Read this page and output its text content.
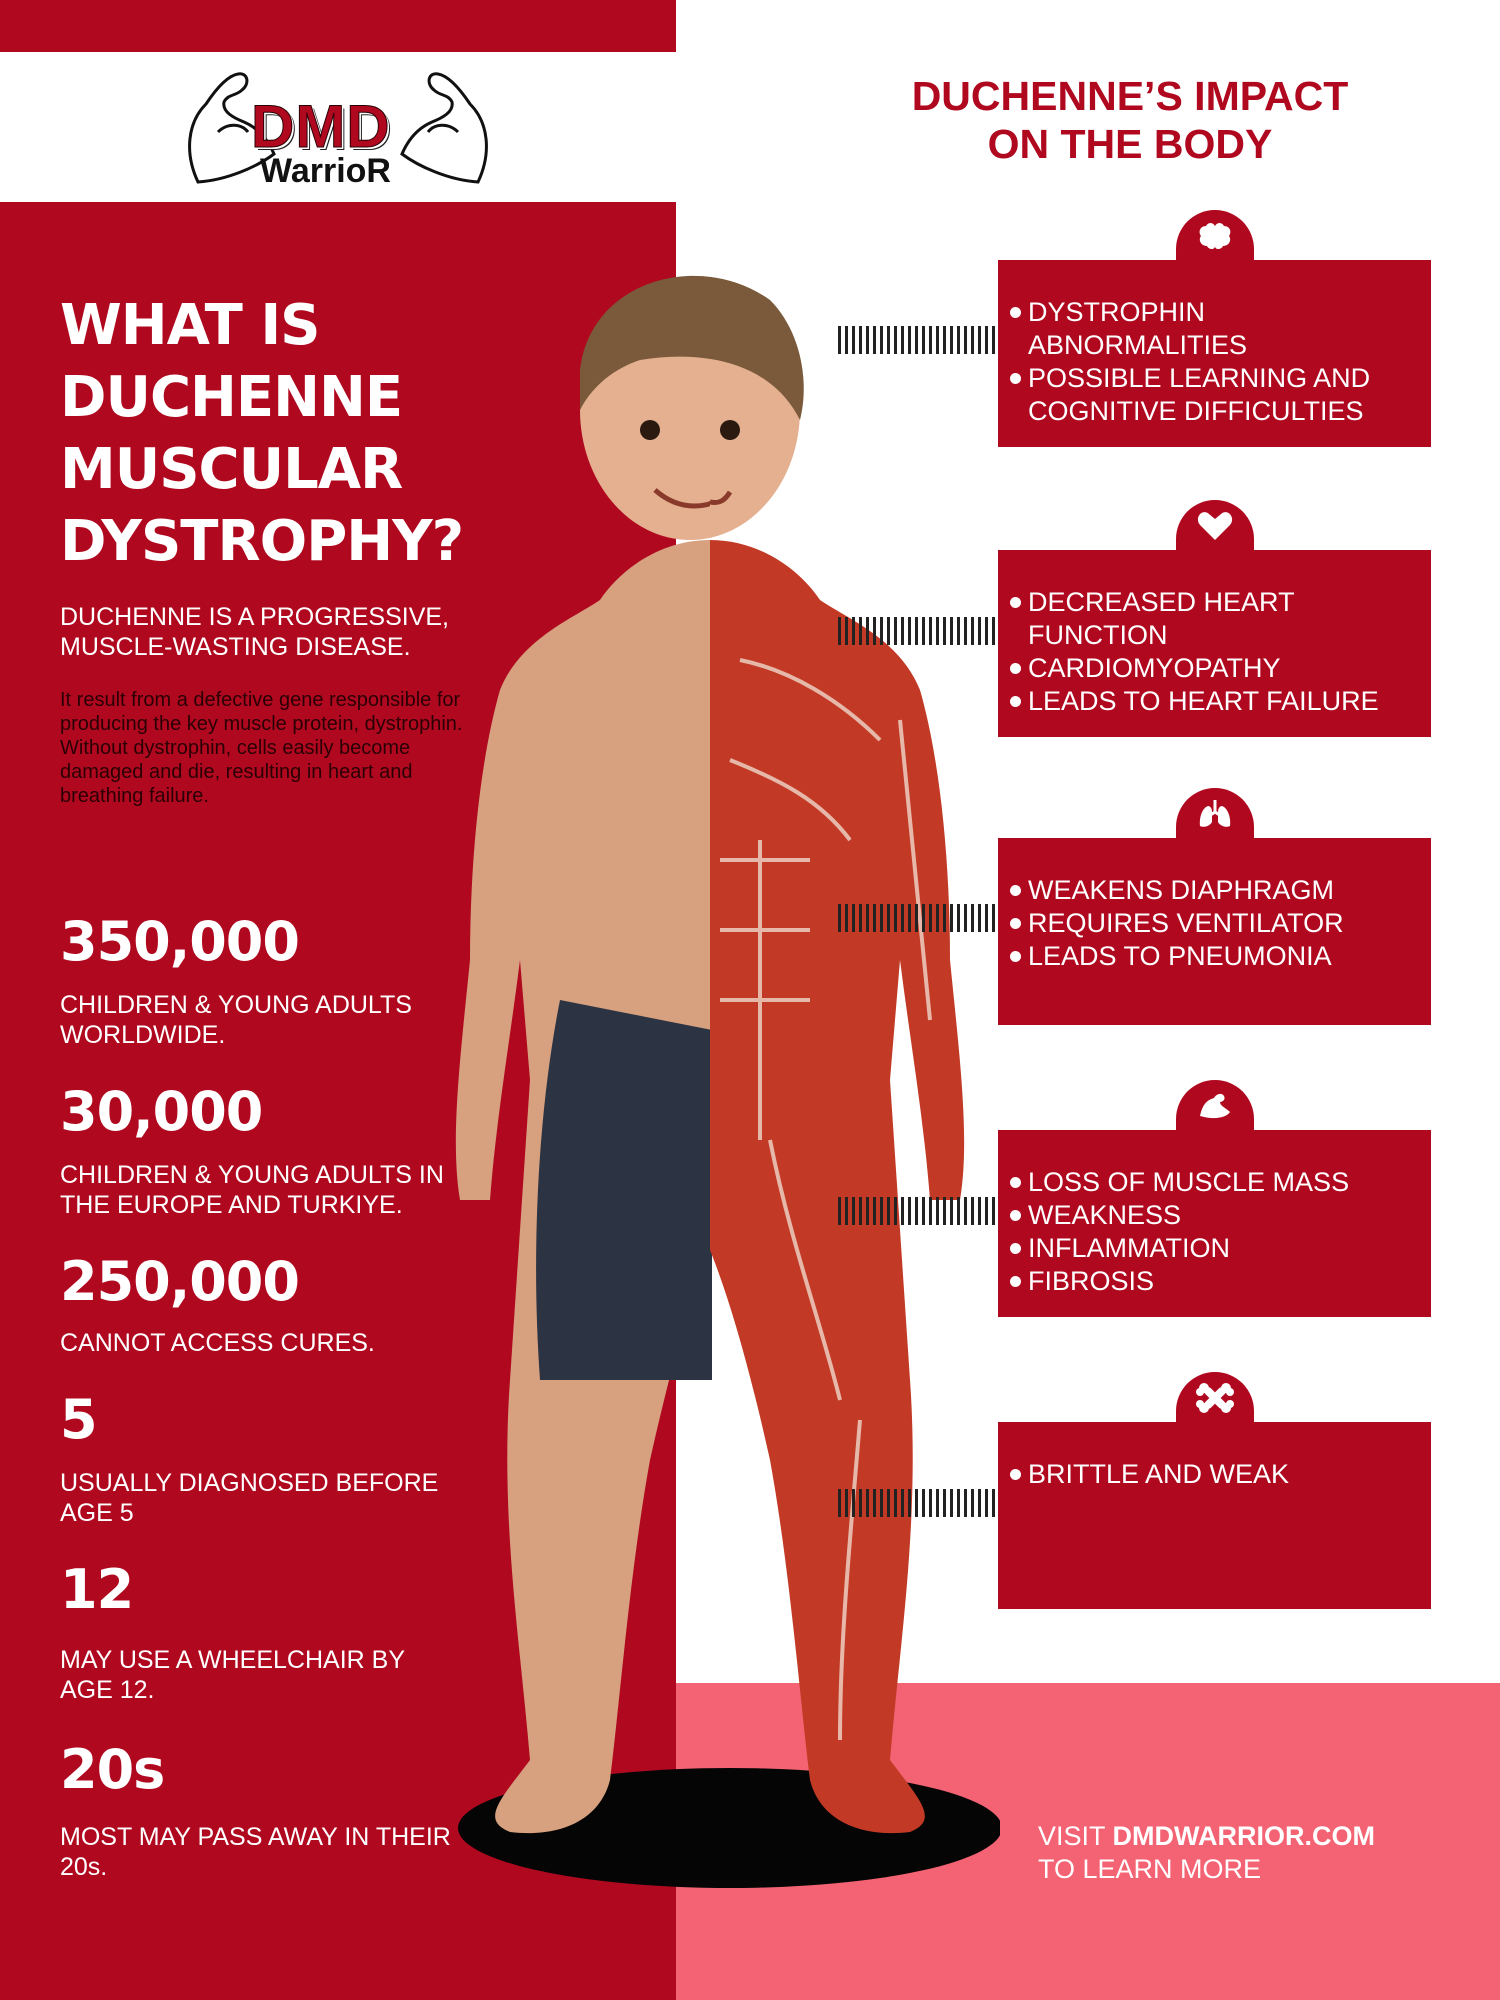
DMD
WarrioR
WHAT IS DUCHENNE MUSCULAR DYSTROPHY?

DUCHENNE IS A PROGRESSIVE, MUSCLE-WASTING DISEASE.

It result from a defective gene responsible for producing the key muscle protein, dystrophin. Without dystrophin, cells easily become damaged and die, resulting in heart and breathing failure.

350,000
CHILDREN & YOUNG ADULTS WORLDWIDE.
30,000
CHILDREN & YOUNG ADULTS IN THE EUROPE AND TURKIYE.
250,000
CANNOT ACCESS CURES.
5
USUALLY DIAGNOSED BEFORE AGE 5
12
MAY USE A WHEELCHAIR BY AGE 12.
20s
MOST MAY PASS AWAY IN THEIR 20s.
DUCHENNE’S IMPACT ON THE BODY
DYSTROPHIN ABNORMALITIES
POSSIBLE LEARNING AND COGNITIVE DIFFICULTIES
DECREASED HEART FUNCTION
CARDIOMYOPATHY
LEADS TO HEART FAILURE
WEAKENS DIAPHRAGM
REQUIRES VENTILATOR
LEADS TO PNEUMONIA
LOSS OF MUSCLE MASS
WEAKNESS
INFLAMMATION
FIBROSIS
BRITTLE AND WEAK
VISIT DMDWARRIOR.COM
TO LEARN MORE
